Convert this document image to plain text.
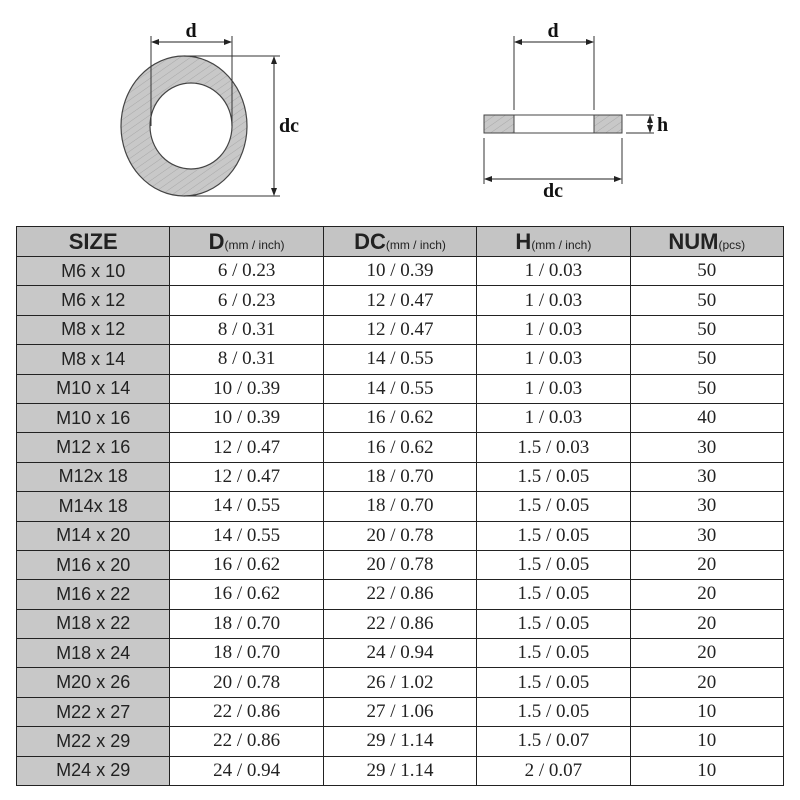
d
dc
d
h
dc
SIZE	D(mm / inch)	DC(mm / inch)	H(mm / inch)	NUM(pcs)
M6 x 10	6 / 0.23	10 / 0.39	1 / 0.03	50
M6 x 12	6 / 0.23	12 / 0.47	1 / 0.03	50
M8 x 12	8 / 0.31	12 / 0.47	1 / 0.03	50
M8 x 14	8 / 0.31	14 / 0.55	1 / 0.03	50
M10 x 14	10 / 0.39	14 / 0.55	1 / 0.03	50
M10 x 16	10 / 0.39	16 / 0.62	1 / 0.03	40
M12 x 16	12 / 0.47	16 / 0.62	1.5 / 0.03	30
M12x 18	12 / 0.47	18 / 0.70	1.5 / 0.05	30
M14x 18	14 / 0.55	18 / 0.70	1.5 / 0.05	30
M14 x 20	14 / 0.55	20 / 0.78	1.5 / 0.05	30
M16 x 20	16 / 0.62	20 / 0.78	1.5 / 0.05	20
M16 x 22	16 / 0.62	22 / 0.86	1.5 / 0.05	20
M18 x 22	18 / 0.70	22 / 0.86	1.5 / 0.05	20
M18 x 24	18 / 0.70	24 / 0.94	1.5 / 0.05	20
M20 x 26	20 / 0.78	26 / 1.02	1.5 / 0.05	20
M22 x 27	22 / 0.86	27 / 1.06	1.5 / 0.05	10
M22 x 29	22 / 0.86	29 / 1.14	1.5 / 0.07	10
M24 x 29	24 / 0.94	29 / 1.14	2 / 0.07	10
